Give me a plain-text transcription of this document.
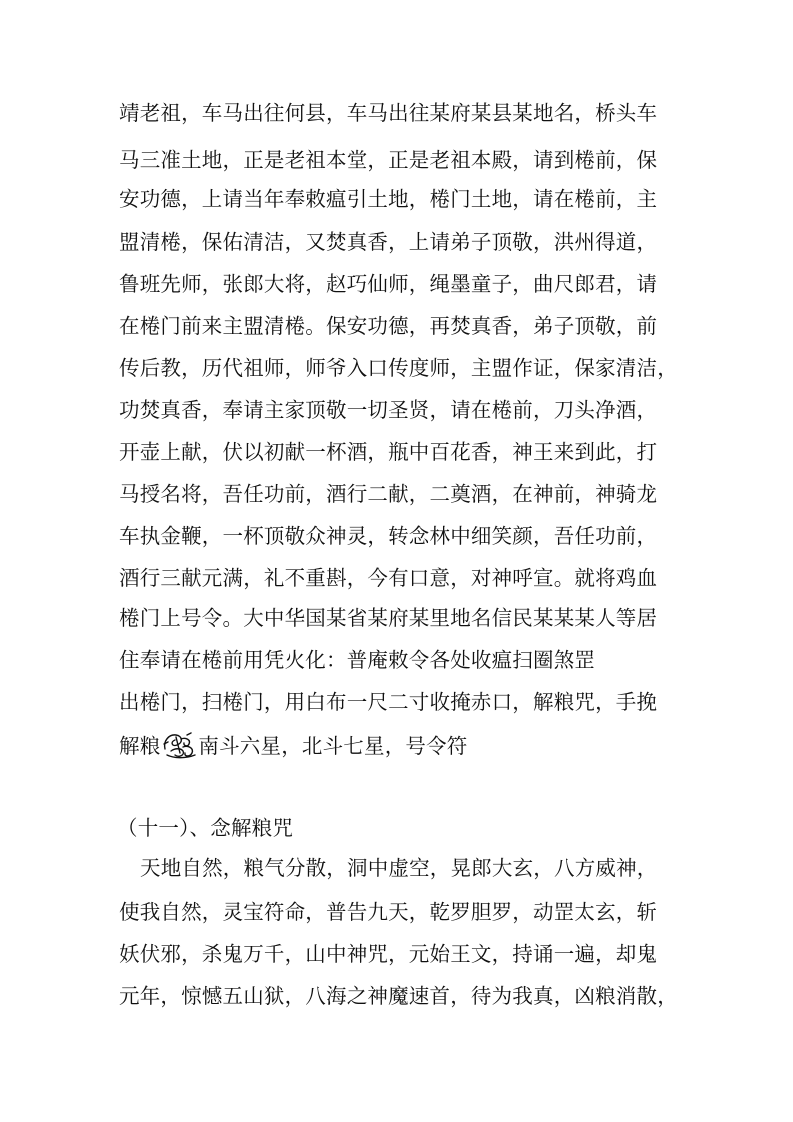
靖老祖，车马出往何县，车马出往某府某县某地名，桥头车
马三准土地，正是老祖本堂，正是老祖本殿，请到棬前，保
安功德，上请当年奉敕瘟引土地，棬门土地，请在棬前，主
盟清棬，保佑清洁，又焚真香，上请弟子顶敬，洪州得道，
鲁班先师，张郎大将，赵巧仙师，绳墨童子，曲尺郎君，请
在棬门前来主盟清棬。保安功德，再焚真香，弟子顶敬，前
传后教，历代祖师，师爷入口传度师，主盟作证，保家清洁，
功焚真香，奉请主家顶敬一切圣贤，请在棬前，刀头净酒，
开壶上献，伏以初献一杯酒，瓶中百花香，神王来到此，打
马授名将，吾任功前，酒行二献，二奠酒，在神前，神骑龙
车执金鞭，一杯顶敬众神灵，转念林中细笑颜，吾任功前，
酒行三献元满，礼不重斟，今有口意，对神呼宣。就将鸡血
棬门上号令。大中华国某省某府某里地名信民某某某人等居
住奉请在棬前用凭火化：普庵敕令各处收瘟扫圈煞罡
出棬门，扫棬门，用白布一尺二寸收掩赤口，解粮咒，手挽
解粮 南斗六星，北斗七星，号令符
（十一）、念解粮咒
天地自然，粮气分散，洞中虚空，晃郎大玄，八方威神，
使我自然，灵宝符命，普告九天，乾罗胆罗，动罡太玄，斩
妖伏邪，杀鬼万千，山中神咒，元始王文，持诵一遍，却鬼
元年，惊憾五山狱，八海之神魔速首，待为我真，凶粮消散，
